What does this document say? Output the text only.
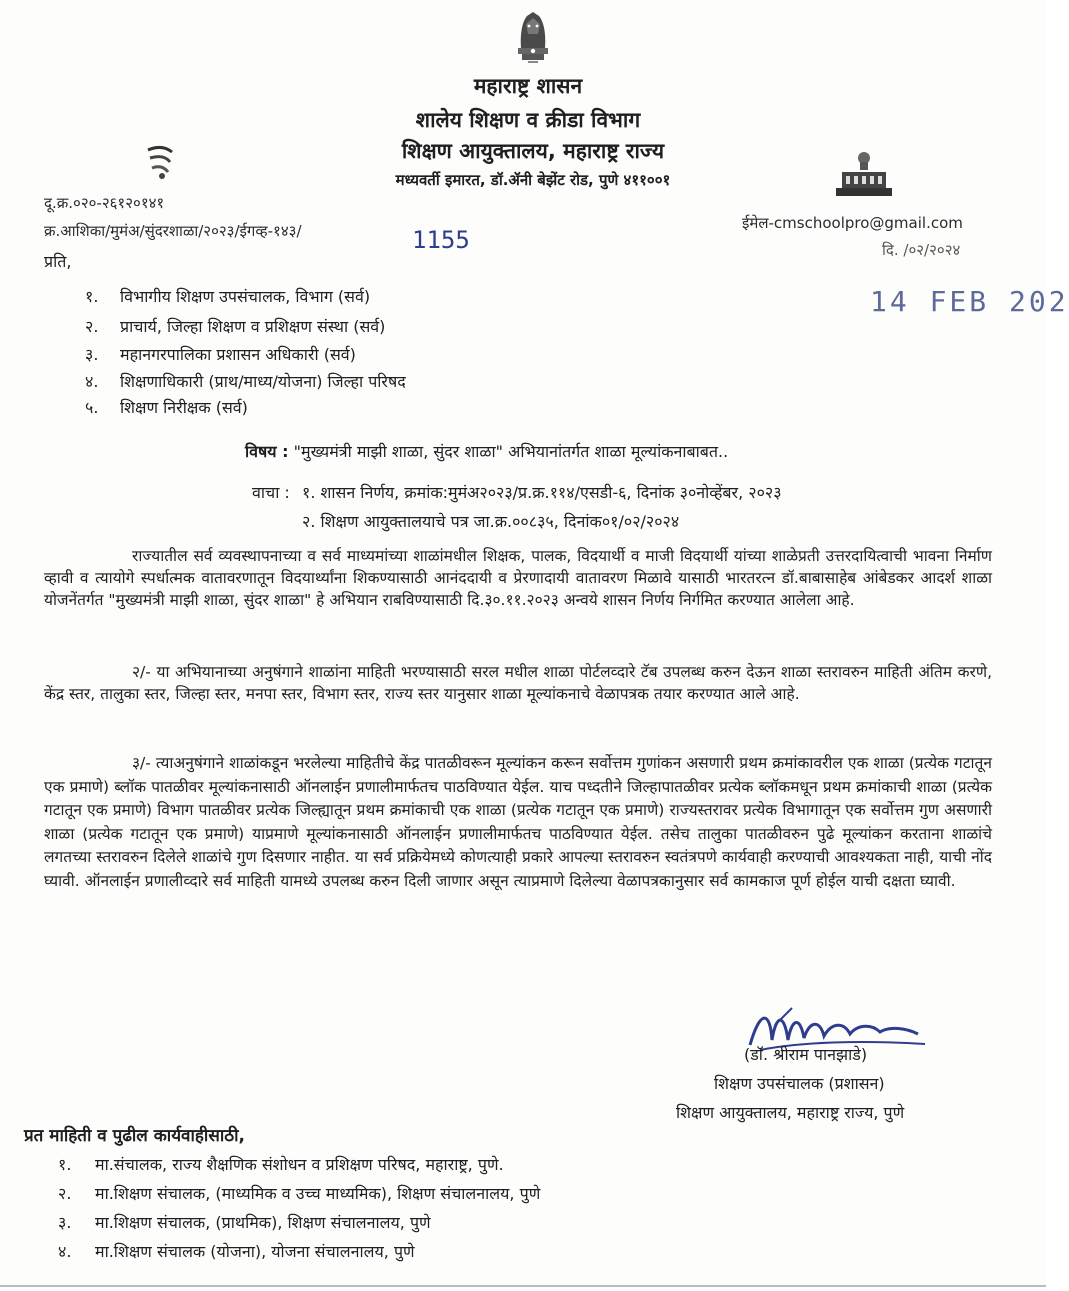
महाराष्ट्र शासन
शालेय शिक्षण व क्रीडा विभाग
शिक्षण आयुक्तालय, महाराष्ट्र राज्य
मध्यवर्ती इमारत, डॉ.ॲनी बेझेंट रोड, पुणे ४११००१
दू.क्र.०२०-२६१२०१४१
ईमेल-cmschoolpro@gmail.com
क्र.आशिका/मुमंअ/सुंदरशाळा/२०२३/ईगव्ह-१४३/	1155	दि. /०२/२०२४
14 FEB 202
प्रति,
१. विभागीय शिक्षण उपसंचालक, विभाग (सर्व)
२. प्राचार्य, जिल्हा शिक्षण व प्रशिक्षण संस्था (सर्व)
३. महानगरपालिका प्रशासन अधिकारी (सर्व)
४. शिक्षणाधिकारी (प्राथ/माध्य/योजना) जिल्हा परिषद
५. शिक्षण निरीक्षक (सर्व)
विषय : "मुख्यमंत्री माझी शाळा, सुंदर शाळा" अभियानांतर्गत शाळा मूल्यांकनाबाबत..
वाचा : १. शासन निर्णय, क्रमांक:मुमंअ२०२३/प्र.क्र.११४/एसडी-६, दिनांक ३०नोव्हेंबर, २०२३
२. शिक्षण आयुक्तालयाचे पत्र जा.क्र.००८३५, दिनांक०१/०२/२०२४
राज्यातील सर्व व्यवस्थापनाच्या व सर्व माध्यमांच्या शाळांमधील शिक्षक, पालक, विदयार्थी व माजी विदयार्थी यांच्या शाळेप्रती उत्तरदायित्वाची भावना निर्माण व्हावी व त्यायोगे स्पर्धात्मक वातावरणातून विदयार्थ्यांना शिकण्यासाठी आनंददायी व प्रेरणादायी वातावरण मिळावे यासाठी भारतरत्न डॉ.बाबासाहेब आंबेडकर आदर्श शाळा योजनेंतर्गत "मुख्यमंत्री माझी शाळा, सुंदर शाळा" हे अभियान राबविण्यासाठी दि.३०.११.२०२३ अन्वये शासन निर्णय निर्गमित करण्यात आलेला आहे.
२/- या अभियानाच्या अनुषंगाने शाळांना माहिती भरण्यासाठी सरल मधील शाळा पोर्टलव्दारे टॅब उपलब्ध करुन देऊन शाळा स्तरावरुन माहिती अंतिम करणे, केंद्र स्तर, तालुका स्तर, जिल्हा स्तर, मनपा स्तर, विभाग स्तर, राज्य स्तर यानुसार शाळा मूल्यांकनाचे वेळापत्रक तयार करण्यात आले आहे.
३/- त्याअनुषंगाने शाळांकडून भरलेल्या माहितीचे केंद्र पातळीवरून मूल्यांकन करून सर्वोत्तम गुणांकन असणारी प्रथम क्रमांकावरील एक शाळा (प्रत्येक गटातून एक प्रमाणे) ब्लॉक पातळीवर मूल्यांकनासाठी ऑनलाईन प्रणालीमार्फतच पाठविण्यात येईल. याच पध्दतीने जिल्हापातळीवर प्रत्येक ब्लॉकमधून प्रथम क्रमांकाची शाळा (प्रत्येक गटातून एक प्रमाणे) विभाग पातळीवर प्रत्येक जिल्ह्यातून प्रथम क्रमांकाची एक शाळा (प्रत्येक गटातून एक प्रमाणे) राज्यस्तरावर प्रत्येक विभागातून एक सर्वोत्तम गुण असणारी शाळा (प्रत्येक गटातून एक प्रमाणे) याप्रमाणे मूल्यांकनासाठी ऑनलाईन प्रणालीमार्फतच पाठविण्यात येईल. तसेच तालुका पातळीवरुन पुढे मूल्यांकन करताना शाळांचे लगतच्या स्तरावरुन दिलेले शाळांचे गुण दिसणार नाहीत. या सर्व प्रक्रियेमध्ये कोणत्याही प्रकारे आपल्या स्तरावरुन स्वतंत्रपणे कार्यवाही करण्याची आवश्यकता नाही, याची नोंद घ्यावी. ऑनलाईन प्रणालीव्दारे सर्व माहिती यामध्ये उपलब्ध करुन दिली जाणार असून त्याप्रमाणे दिलेल्या वेळापत्रकानुसार सर्व कामकाज पूर्ण होईल याची दक्षता घ्यावी.
(डॉ. श्रीराम पानझाडे)
शिक्षण उपसंचालक (प्रशासन)
शिक्षण आयुक्तालय, महाराष्ट्र राज्य, पुणे
प्रत माहिती व पुढील कार्यवाहीसाठी,
१. मा.संचालक, राज्य शैक्षणिक संशोधन व प्रशिक्षण परिषद, महाराष्ट्र, पुणे.
२. मा.शिक्षण संचालक, (माध्यमिक व उच्च माध्यमिक), शिक्षण संचालनालय, पुणे
३. मा.शिक्षण संचालक, (प्राथमिक), शिक्षण संचालनालय, पुणे
४. मा.शिक्षण संचालक (योजना), योजना संचालनालय, पुणे
